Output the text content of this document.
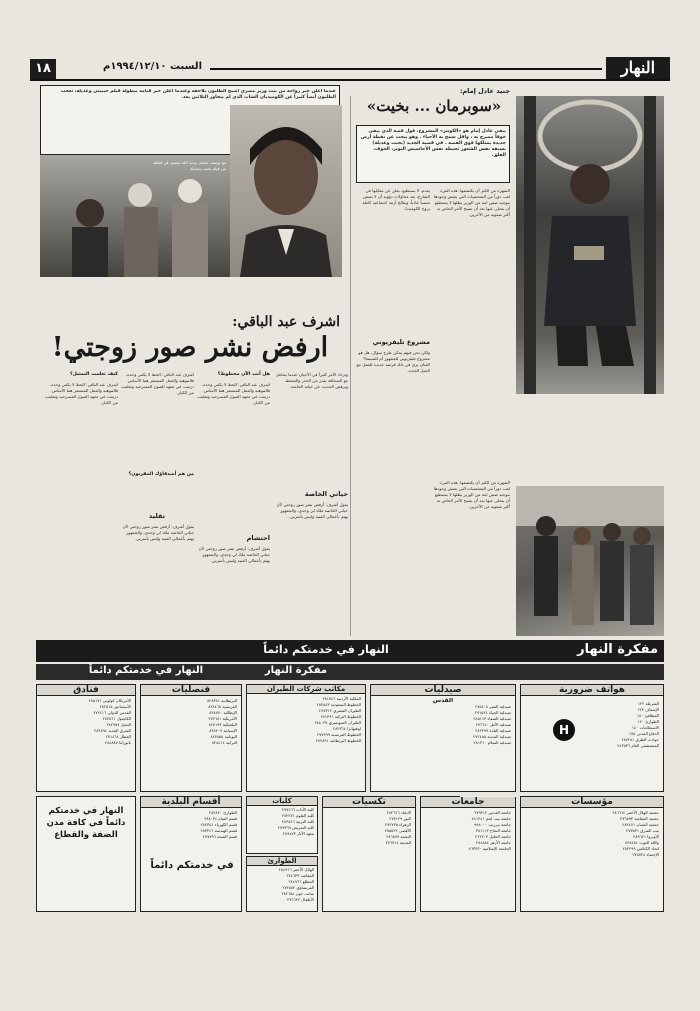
١٨	السبت ١٩٩٤/١٢/١٠م	النهار
جنيد عادل إمام:
«سوبرمان ... بخيت»
يبقى عادل إمام هو «الكونتز» المشروع، فول قصة الذي يبقى خوفاً مصرح به ، واقل سمح به الأحياء . وهو يبحث عن نقطة أرض جديدة يمتلكها فوق القصة . في قضية الجديد (بخيت وعديلة) بسبقه نفس الشعور تحيطه نفس الأحاسيس التوتر، الخوف، القلق.
الشهرة من الكنز أن يكتشفها. هذه المرة لعب دوراً من الشخصيات التي يعيش وجودها بتوجيه ضمن ابنه من الوزير بطلها لا يستطيع أن يتخلى عنها بعد أن يصبح الأمر الخاص به أكثر صعوبة من الآخرين.
يقدم، لا يستطيع، يعلن عن مقابلها في الشارع، بعد محاولات دؤوبة أن لا يعيش منصباً عادياً، ويعالج أزمة اجتماعية كاملة بروح الكوميديا.
مشروع تليفزيوني
ولكن نحن فيهم يمكن طرح سؤال، هل هو مشروع تليفزيوني للجمهور أم للسينما؟ الفنان يرى في ذلك فرصة جديدة للعمل مع الجيل الجديد.
الشهرة من الكنز أن يكتشفها. هذه المرة لعب دوراً من الشخصيات التي يعيش وجودها بتوجيه ضمن ابنه من الوزير بطلها لا يستطيع أن يتخلى عنها بعد أن يصبح الأمر الخاص به أكثر صعوبة من الآخرين.
عندما أعلن خبر زواجه من بنت وزير مصري أصبح الطليون يلاحقه وعندما أعلن خبر قيامه ببطولة فيلم حبيبتي وعديلة، تعجب الطليون أيضاً كثيراً عن الكوميديان الشاب الذي لم يتجاوز الثلاثين بعد.
مع يوسف شعبان وعبد الله محمود في لقطة من فيلم بخيت وعديلة
اشرف عبد الباقي:
ارفض نشر صور زوجتي!
حياتي الخاصة
وتزداد الأمر كثيراً في الأحيان عندما يتعامل مع الصحافة بقدر من الحذر والتحفظ، ويرفض الحديث عن حياته الخاصة.
يقول أشرف: أرفض نشر صور زوجتي لأن حياتي الخاصة ملك لي وحدي، والجمهور يهتم بأعمالي الفنية وليس بأسرتي.
هل أنت الآن محظوظ؟
اشرف عبد الباقي: الحظ لا يكفي وحده، فالموهبة والعمل المستمر هما الأساس. درست في معهد الفنون المسرحية وتعلمت من الكبار.
احتشام
يقول أشرف: أرفض نشر صور زوجتي لأن حياتي الخاصة ملك لي وحدي، والجمهور يهتم بأعمالي الفنية وليس بأسرتي.
من هم أصدقاؤك المقربون؟
اشرف عبد الباقي: الحظ لا يكفي وحده، فالموهبة والعمل المستمر هما الأساس. درست في معهد الفنون المسرحية وتعلمت من الكبار.
تقليد
يقول أشرف: أرفض نشر صور زوجتي لأن حياتي الخاصة ملك لي وحدي، والجمهور يهتم بأعمالي الفنية وليس بأسرتي.
كيف تعلمت التمثيل؟
اشرف عبد الباقي: الحظ لا يكفي وحده، فالموهبة والعمل المستمر هما الأساس. درست في معهد الفنون المسرحية وتعلمت من الكبار.
مفكرة النهار
النهار في خدمتكم دائماً
مفكرة النهار
النهار في خدمتكم دائماً
هواتف ضرورية
H
الشرطة ١٢٢
الإسعاف ١٢٣
المطافئ ١٨٠
الطوارئ ١٢٠
الاستعلامات ١٤٠
الدفاع المدني ١٧٥
حوادث الطرق ٢٨٧٢٨١
المستشفى العام ٢٤٣٥٣٦
صيدليات
القدس
صيدلية النصر ٢٧٥٤٠٨
صيدلية الحياة ٢٧١٥٢٤
صيدلية الشفاء ٢٨٥١١٣
صيدلية الأمل ٢٧٦٦٤٠
صيدلية البلدة ٢٨٢٣٩٧
صيدلية المدينة ٢٧٢٤٥٥
صيدلية السلام ٢٨١٣١٠
مكاتب شركات الطيران
الملكية الأردنية ٢٨١٧٤٦
الخطوط السعودية ٢٨٢٥٤٣
الطيران المصري ٢٨٧٣١٢
الخطوط التركية ٢٨١٣٩٦
الطيران السويسري ٢٨٨٠٣٧
لوفتهانزا ٢٨٢٣٦٤
الخطوط الفرنسية ٢٧٧٣٩٩
الخطوط البريطانية ٢٨٢٨٩١
قنصليات
البريطانية ٨٢٨٣٨١
الفرنسية ٨٢٨٤٦٨
الإيطالية ٨٢٨٧٧٠
الأمريكية ٢٧٢٦٨١
البلجيكية ٨٢٨١٩٣
الإسبانية ٨٢٨٢٠٧
اليونانية ٨٢٧٨٥٥
التركية ٨٢٨٤١٤
فنادق
الأمريكان كولوني ٢٨٥١٧١
الأمبسادور ٢٨٢٥١٥
القدس الدولي ٢٧٢٤١٦
الكابيتول ٢٨٢٥٦١
النخيل ٢٨٢٩٥٧
الشرق الجديد ٢٨٢٨٩٤
المطار ٢٧١٤٦٤
بانوراما ٢٨٤٨٨٧
مؤسسات
جمعية الهلال الأحمر ٢٨٦٦١٢
جمعية المقاصد ٢٧٦٥٩٣
جمعية الشبان ٢٨٢٤٧١
بيت الشرق ٢٧٣٥٣١
الأونروا ٢٨٩٦٢١
وكالة الغوث ٨٢٨٤٥١
اتحاد الكنائس ٢٨٢٢٩٩
الإحصاء ٢٧٨٧٢٤
جامعات
جامعة القدس ٢٧٩٣١٢
جامعة بيت لحم ٧٤١٢٤١
جامعة بيرزيت ٩٩٨٠٠٠
جامعة النجاح ٣٨١١١٣
جامعة الخليل ٢٢٢٢٠٣
جامعة الأزهر ٢٨٤٨٨٤
الجامعة الإسلامية ٨٦٣٧٣٠
تكسيات
الاتحاد ٢٨٢٦٢٦
النور ٢٧٧١٢٩
الزهراء ٢٧٢٧٣٥
الأقصى ٢٨٥٥٢٢
النجمة ٢٨٦٨٧٩
المدينة ٢٧٦٧١٤
كليات
كلية الآداب ٢٧٧٤٦٦
كلية العلوم ٢٨٢٢٧١
كلية التربية ٢٨٣٨٤٦
كلية التمريض ٢٧٩٣٦٩
معهد الآثار ٢٨٩٤٧٣
الطوارئ
الهلال الأحمر ٢٨٤٩٦٦
المقاصد ٢٧٤٦٣٣
المطلع ٢٨٤٩٦٦
الفرنساوي ٢٧٢٥٨٢
سانت جون ٢٨٢٦٥٤
الأطفال ٢٧٦٦٢٢
أقسام البلدية
الطوارئ ٢٨٢٨٢٠
قسم المياه ٢٨٨٠٣٤
قسم الكهرباء ٢٨٢٣٥١
قسم الهندسة ٢٨٣٢٤٦
قسم الصحة ٢٨٧٧٩٦
في خدمتكم دائماً
النهار في خدمتكم دائماً في كافة مدن الضفة والقطاع
